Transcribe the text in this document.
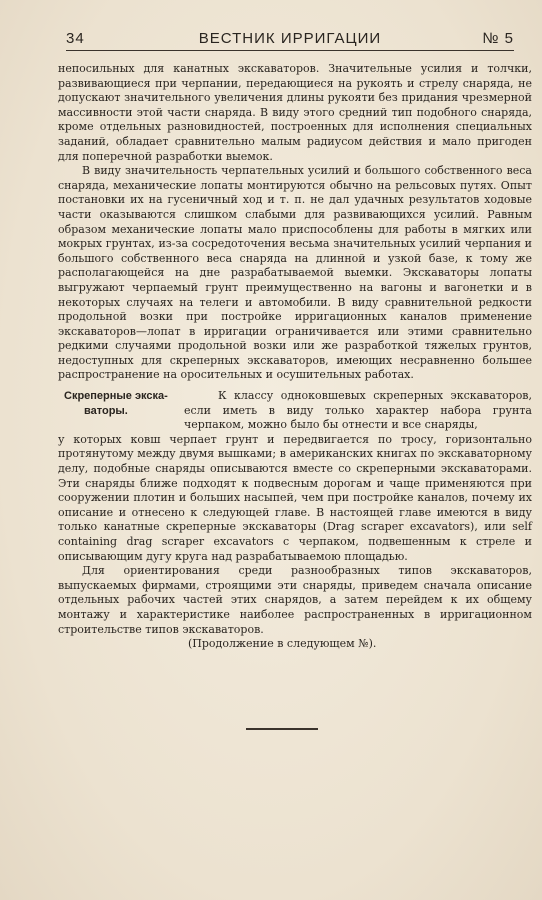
34	ВЕСТНИК ИРРИГАЦИИ	№ 5

непосильных для канатных экскаваторов. Значительные усилия и толчки, развивающиеся при черпании, передающиеся на рукоять и стрелу снаряда, не допускают значительного увеличения длины рукояти без придания чрезмерной массивности этой части снаряда. В виду этого средний тип подобного снаряда, кроме отдельных разновидностей, построенных для исполнения специальных заданий, обладает сравнительно малым радиусом действия и мало пригоден для поперечной разработки выемок.

В виду значительность черпательных усилий и большого собственного веса снаряда, механические лопаты монтируются обычно на рельсовых путях. Опыт постановки их на гусеничный ход и т. п. не дал удачных результатов ходовые части оказываются слишком слабыми для развивающихся усилий. Равным образом механические лопаты мало приспособлены для работы в мягких или мокрых грунтах, из-за сосредоточения весьма значительных усилий черпания и большого собственного веса снаряда на длинной и узкой базе, к тому же располагающейся на дне разрабатываемой выемки. Экскаваторы лопаты выгружают черпаемый грунт преимущественно на вагоны и вагонетки и в некоторых случаях на телеги и автомобили. В виду сравнительной редкости продольной возки при постройке ирригационных каналов применение экскаваторов—лопат в ирригации ограничивается или этими сравнительно редкими случаями продольной возки или же разработкой тяжелых грунтов, недоступных для скреперных экскаваторов, имеющих несравненно большее распространение на оросительных и осушительных работах.

Скреперные экска-
ваторы.

К классу одноковшевых скреперных экскаваторов, если иметь в виду только характер набора грунта черпаком, можно было бы отнести и все снаряды,

у которых ковш черпает грунт и передвигается по тросу, горизонтально протянутому между двумя вышками; в американских книгах по экскаваторному делу, подобные снаряды описываются вместе со скреперными экскаваторами. Эти снаряды ближе подходят к подвесным дорогам и чаще применяются при сооружении плотин и больших насыпей, чем при постройке каналов, почему их описание и отнесено к следующей главе. В настоящей главе имеются в виду только канатные скреперные экскаваторы (Drag scraper excavators), или self containing drag scraper excavators с черпаком, подвешенным к стреле и описывающим дугу круга над разрабатываемою площадью.

Для ориентирования среди разнообразных типов экскаваторов, выпускаемых фирмами, строящими эти снаряды, приведем сначала описание отдельных рабочих частей этих снарядов, а затем перейдем к их общему монтажу и характеристике наиболее распространенных в ирригационном строительстве типов экскаваторов.

(Продолжение в следующем №).
